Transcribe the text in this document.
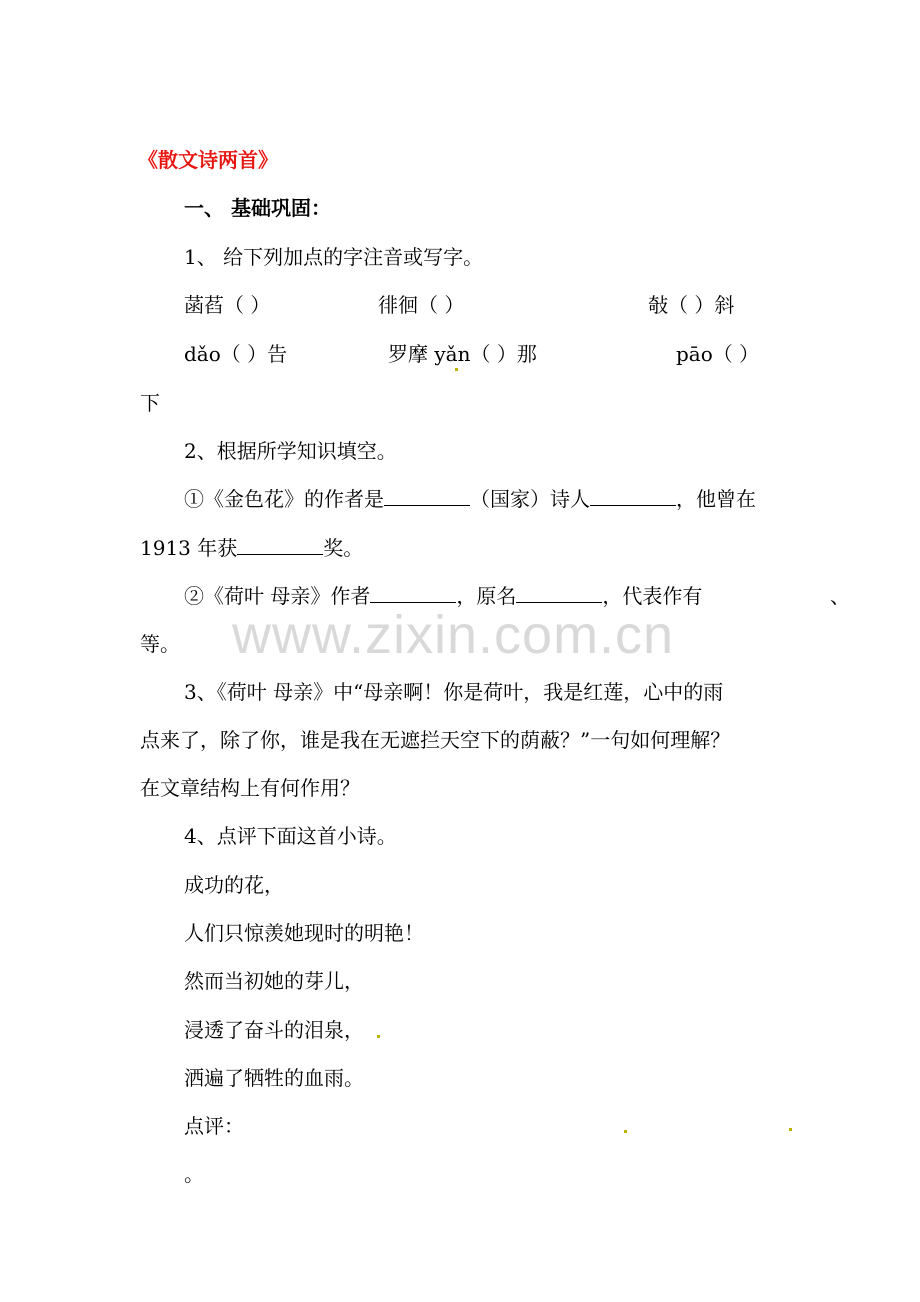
《散文诗两首》
一、 基础巩固：
1、 给下列加点的字注音或写字。
菡萏（ ）	徘徊（ ）	敧（ ）斜
dǎo（ ）告	罗摩 yǎn（ ）那	pāo（ ）
下
2、根据所学知识填空。
①《金色花》的作者是	（国家）诗人	，他曾在
1913 年获	奖。
②《荷叶 母亲》作者	，原名	，代表作有	、
等。 www.zixin.com.cn
3、《荷叶 母亲》中“母亲啊！你是荷叶，我是红莲，心中的雨
点来了，除了你，谁是我在无遮拦天空下的荫蔽？”一句如何理解？
在文章结构上有何作用？
4、点评下面这首小诗。
成功的花，
人们只惊羡她现时的明艳！
然而当初她的芽儿，
浸透了奋斗的泪泉，
洒遍了牺牲的血雨。
点评：
。
